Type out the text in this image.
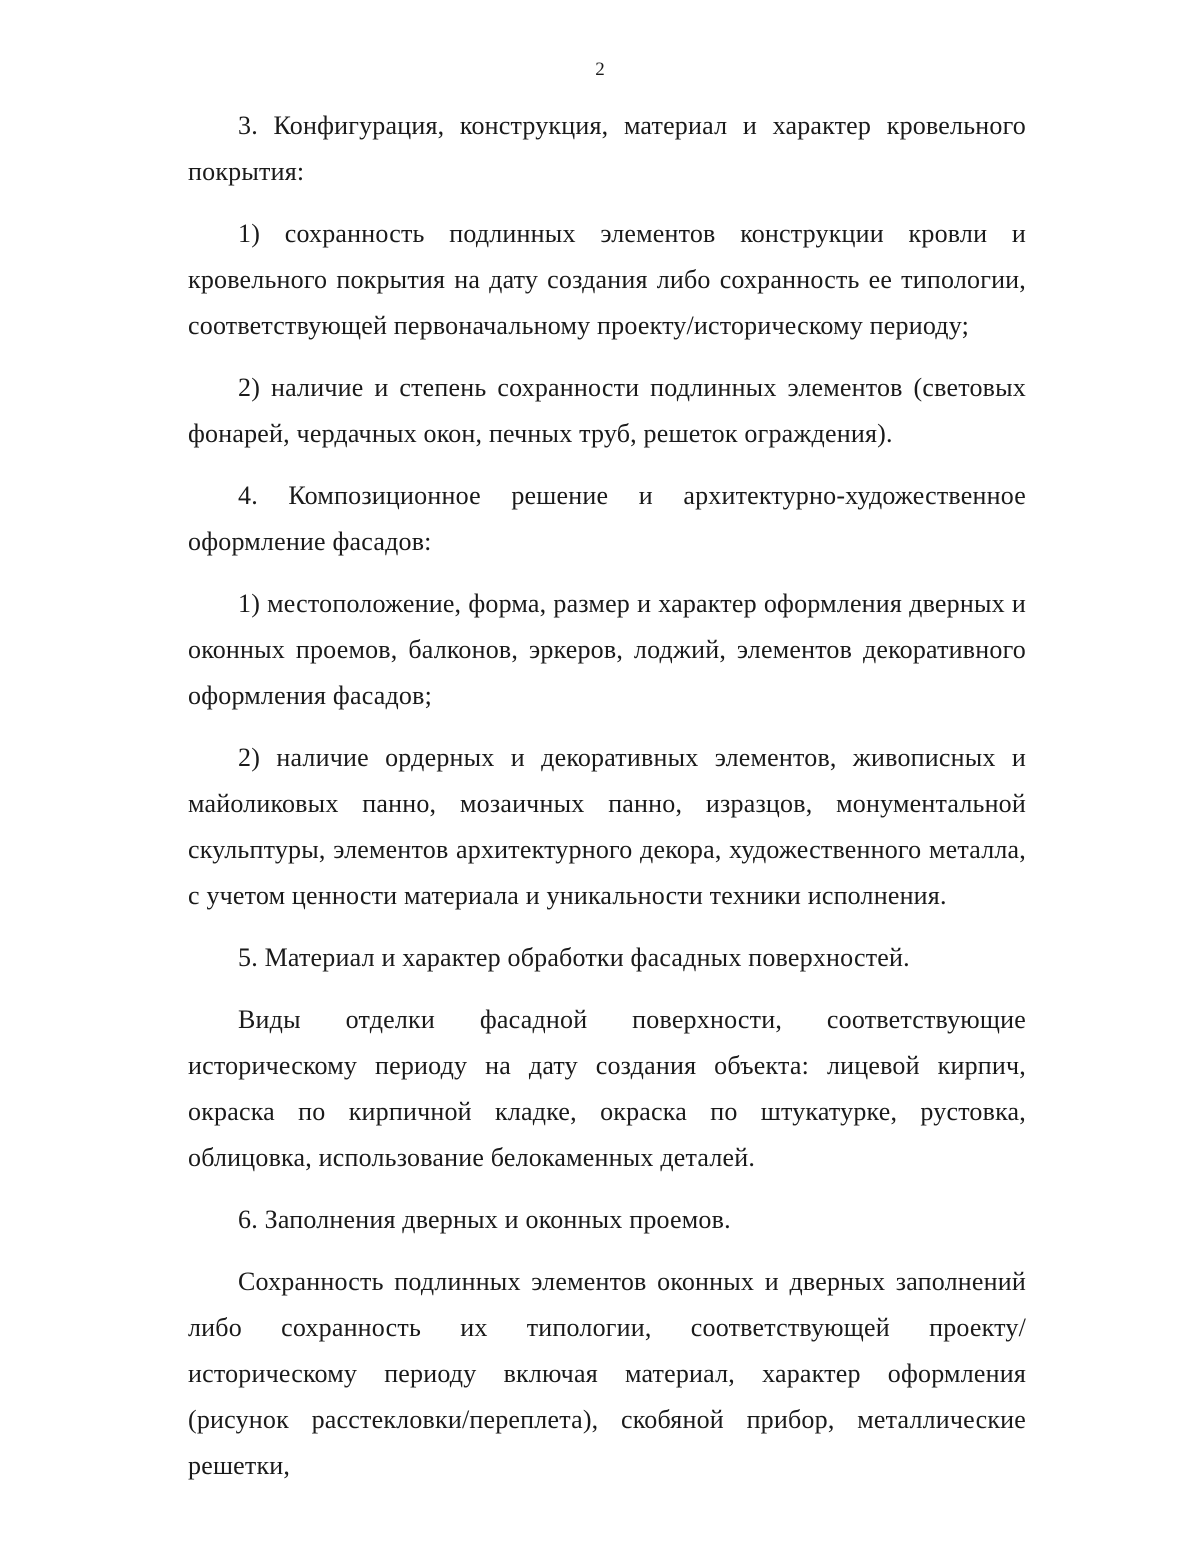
2

3. Конфигурация, конструкция, материал и характер кровельного покрытия:

1) сохранность подлинных элементов конструкции кровли и кровельного покрытия на дату создания либо сохранность ее типологии, соответствующей первоначальному проекту/историческому периоду;

2) наличие и степень сохранности подлинных элементов (световых фонарей, чердачных окон, печных труб, решеток ограждения).

4. Композиционное решение и архитектурно-художественное оформление фасадов:

1) местоположение, форма, размер и характер оформления дверных и оконных проемов, балконов, эркеров, лоджий, элементов декоративного оформления фасадов;

2) наличие ордерных и декоративных элементов, живописных и майоликовых панно, мозаичных панно, изразцов, монументальной скульптуры, элементов архитектурного декора, художественного металла, с учетом ценности материала и уникальности техники исполнения.

5. Материал и характер обработки фасадных поверхностей.

Виды отделки фасадной поверхности, соответствующие историческому периоду на дату создания объекта: лицевой кирпич, окраска по кирпичной кладке, окраска по штукатурке, рустовка, облицовка, использование белокаменных деталей.

6. Заполнения дверных и оконных проемов.

Сохранность подлинных элементов оконных и дверных заполнений либо сохранность их типологии, соответствующей проекту/историческому периоду включая материал, характер оформления (рисунок расстекловки/переплета), скобяной прибор, металлические решетки,
